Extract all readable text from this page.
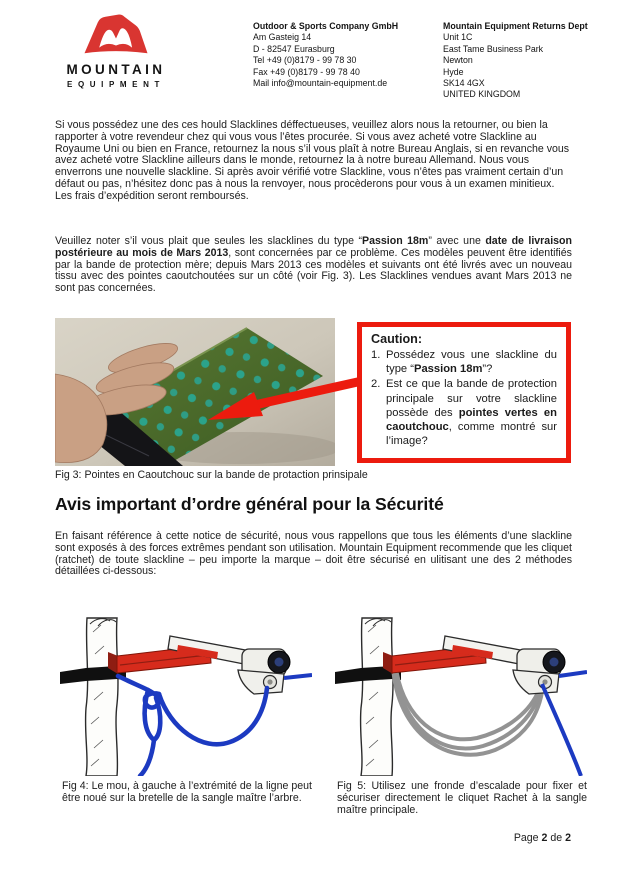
MOUNTAIN
EQUIPMENT
Outdoor & Sports Company GmbH
Am Gasteig 14
D - 82547 Eurasburg
Tel +49 (0)8179 - 99 78 30
Fax +49 (0)8179 - 99 78 40
Mail info@mountain-equipment.de
Mountain Equipment Returns Dept
Unit 1C
East Tame Business Park
Newton
Hyde
SK14 4GX
UNITED KINGDOM
Si vous possédez une des ces hould Slacklines déffectueuses, veuillez alors nous la retourner, ou bien la rapporter à votre revendeur chez qui vous vous l’êtes procurée. Si vous avez acheté votre Slackline au Royaume Uni ou bien en France, retournez la nous s’il vous plaît à notre Bureau Anglais, si en revanche vous avez acheté votre Slackline ailleurs dans le monde, retournez la à notre bureau Allemand. Nous vous enverrons une nouvelle slackline. Si après avoir vérifié votre Slackline, vous n’êtes pas vraiment certain d’un défaut ou pas, n’hésitez donc pas à nous la renvoyer, nous procèderons pour vous à un examen minitieux. Les frais d’expédition seront remboursés.
Veuillez noter s’il vous plait que seules les slacklines du type “Passion 18m” avec une date de livraison postérieure au mois de Mars 2013, sont concernées par ce problème. Ces modèles peuvent être identifiés par la bande de protection mère; depuis Mars 2013 ces modèles et suivants ont été livrés avec un nouveau tissu avec des pointes caoutchoutées sur un côté (voir Fig. 3). Les Slacklines vendues avant Mars 2013 ne sont pas concernées.
Caution:
1. Possédez vous une slackline du type “Passion 18m”?
2. Est ce que la bande de protection principale sur votre slackline possède des pointes vertes en caoutchouc, comme montré sur l’image?
Fig 3: Pointes en Caoutchouc sur la bande de protaction prinsipale
Avis important d’ordre général pour la Sécurité
En faisant référence à cette notice de sécurité, nous vous rappellons que tous les éléments d’une slackline sont exposés à des forces extrêmes pendant son utilisation. Mountain Equipment recommende que les cliquet (ratchet) de toute slackline – peu importe la marque – doit être sécurisé en ulitisant une des 2 méthodes détaillées ci-dessous:
Fig 4: Le mou, à gauche à l’extrémité de la ligne peut être noué sur la bretelle de la sangle maître l’arbre.
Fig 5: Utilisez une fronde d’escalade pour fixer et sécuriser directement le cliquet Rachet à la sangle maître principale.
Page 2 de 2
